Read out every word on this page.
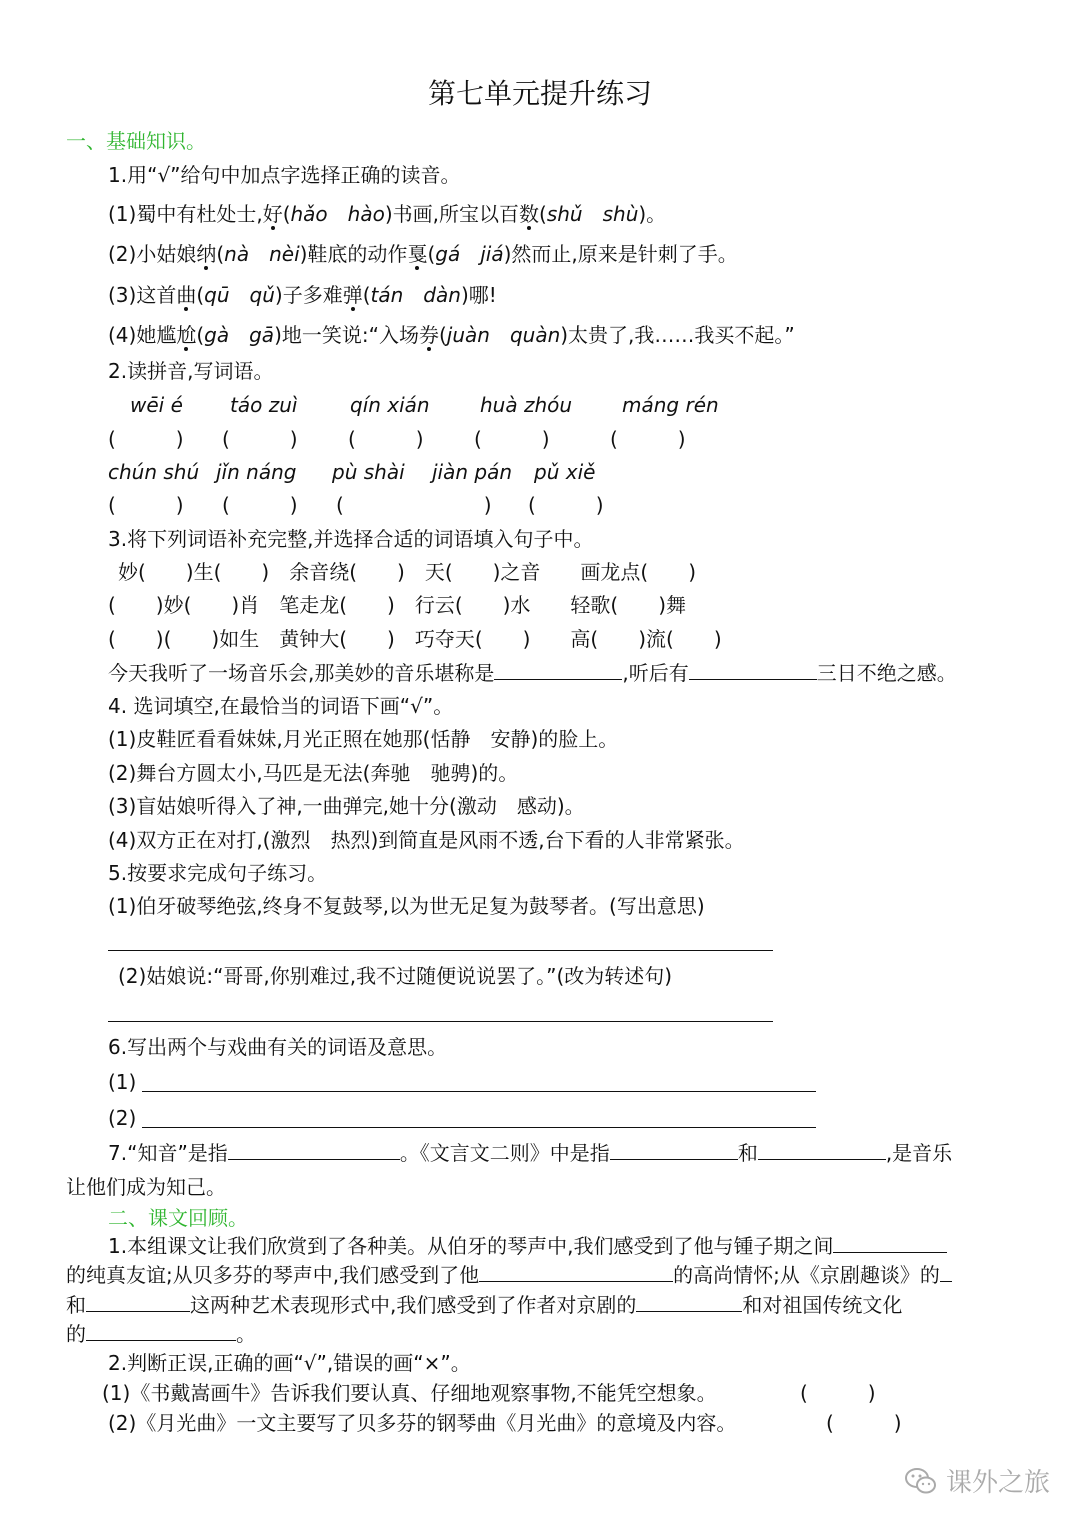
第七单元提升练习
一、基础知识。
1.用“√”给句中加点字选择正确的读音。
(1)蜀中有杜处士,好(hǎo　hào)书画,所宝以百数(shǔ　shù)。
(2)小姑娘纳(nà　nèi)鞋底的动作戛(gá　jiá)然而止,原来是针刺了手。
(3)这首曲(qū　qǔ)子多难弹(tán　dàn)哪!
(4)她尴尬(gà　gā)地一笑说:“入场券(juàn　quàn)太贵了,我……我买不起。”
2.读拼音,写词语。
wēi é táo zuì	qín xián	huà zhóu máng rén
(　　　) (　　　)	(　　　)	(　　　)	(　　　)
chún shú jǐn náng pù shài jiàn pán pǔ xiě
(　　　) (　　　) (　　　　　　　) (　　　)
3.将下列词语补充完整,并选择合适的词语填入句子中。
妙(　　)生(　　)　余音绕(　　)　天(　　)之音　　画龙点(　　)
(　　)妙(　　)肖　笔走龙(　　)　行云(　　)水　　轻歌(　　)舞
(　　)(　　)如生　黄钟大(　　)　巧夺天(　　)　　高(　　)流(　　)
今天我听了一场音乐会,那美妙的音乐堪称是	,听后有	三日不绝之感。
4. 选词填空,在最恰当的词语下画“√”。
(1)皮鞋匠看看妹妹,月光正照在她那(恬静　安静)的脸上。
(2)舞台方圆太小,马匹是无法(奔驰　驰骋)的。
(3)盲姑娘听得入了神,一曲弹完,她十分(激动　感动)。
(4)双方正在对打,(激烈　热烈)到简直是风雨不透,台下看的人非常紧张。
5.按要求完成句子练习。
(1)伯牙破琴绝弦,终身不复鼓琴,以为世无足复为鼓琴者。(写出意思)
(2)姑娘说:“哥哥,你别难过,我不过随便说说罢了。”(改为转述句)
6.写出两个与戏曲有关的词语及意思。
(1)
(2)
7.“知音”是指	。《文言文二则》中是指	和	,是音乐
让他们成为知己。
二、课文回顾。
1.本组课文让我们欣赏到了各种美。从伯牙的琴声中,我们感受到了他与锺子期之间
的纯真友谊;从贝多芬的琴声中,我们感受到了他	的高尚情怀;从《京剧趣谈》的
和	这两种艺术表现形式中,我们感受到了作者对京剧的	和对祖国传统文化
的	。
2.判断正误,正确的画“√”,错误的画“×”。
(1)《书戴嵩画牛》告诉我们要认真、仔细地观察事物,不能凭空想象。	(　　　)
(2)《月光曲》一文主要写了贝多芬的钢琴曲《月光曲》的意境及内容。	(　　　)
课外之旅
